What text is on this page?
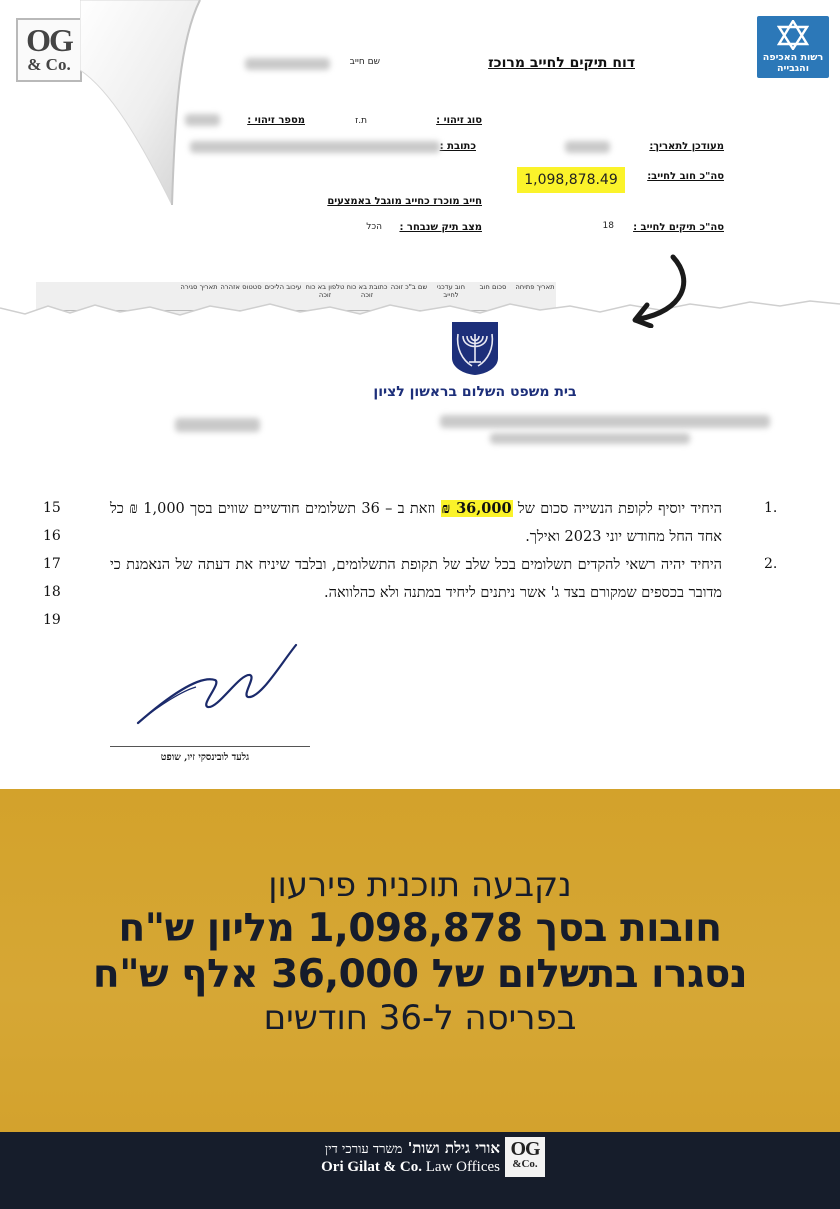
OG
& Co.	רשות האכיפה והגבייה
דוח תיקים לחייב מרוכז
שם חייב
סוג זיהוי :
ת.ז
מספר זיהוי :
מעודכן לתאריך:
כתובת :
סה"כ חוב לחייב:
1,098,878.49
חייב מוכרז כחייב מוגבל באמצעים
סה"כ תיקים לחייב :
18
מצב תיק שנבחר :
הכל
תאריך פתיחה
סכום חוב
חוב עדכני לחייב
שם ב"כ זוכה
כתובת בא כוח זוכה
טלפון בא כוח זוכה
עיכוב הליכים
סטטוס אזהרה
תאריך סגירה
בית משפט השלום בראשון לציון
1.
היחיד יוסיף לקופת הנשייה סכום של 36,000 ₪ וזאת ב – 36 תשלומים חודשיים שווים בסך 1,000 ₪ כל אחד החל מחודש יוני 2023 ואילך.
2.
היחיד יהיה רשאי להקדים תשלומים בכל שלב של תקופת התשלומים, ובלבד שיניח את דעתה של הנאמנת כי מדובר בכספים שמקורם בצד ג' אשר ניתנים ליחיד במתנה ולא כהלוואה.
15
16
17
18
19
גלעד לובינסקי זיו, שופט
נקבעה תוכנית פירעון
חובות בסך 1,098,878 מליון ש"ח
נסגרו בתשלום של 36,000 אלף ש"ח
בפריסה ל-36 חודשים
OG
&Co.
אורי גילת ושות' משרד עורכי דין
Ori Gilat & Co. Law Offices
